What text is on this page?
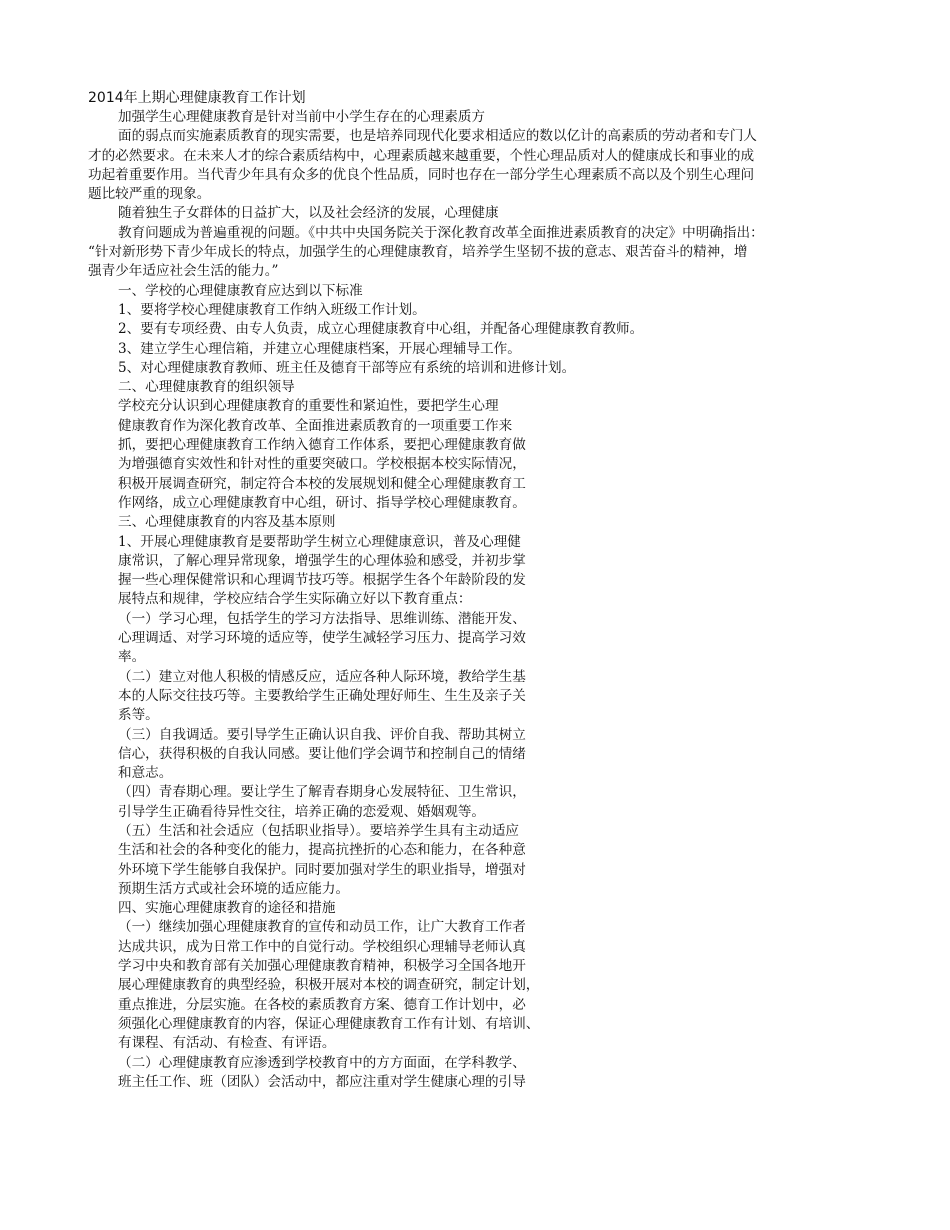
2014年上期心理健康教育工作计划

加强学生心理健康教育是针对当前中小学生存在的心理素质方

面的弱点而实施素质教育的现实需要，也是培养同现代化要求相适应的数以亿计的高素质的劳动者和专门人

才的必然要求。在未来人才的综合素质结构中，心理素质越来越重要，个性心理品质对人的健康成长和事业的成

功起着重要作用。当代青少年具有众多的优良个性品质，同时也存在一部分学生心理素质不高以及个别生心理问

题比较严重的现象。

随着独生子女群体的日益扩大，以及社会经济的发展，心理健康

教育问题成为普遍重视的问题。《中共中央国务院关于深化教育改革全面推进素质教育的决定》中明确指出：

“针对新形势下青少年成长的特点，加强学生的心理健康教育，培养学生坚韧不拔的意志、艰苦奋斗的精神，增

强青少年适应社会生活的能力。”

一、学校的心理健康教育应达到以下标准

1、要将学校心理健康教育工作纳入班级工作计划。

2、要有专项经费、由专人负责，成立心理健康教育中心组，并配备心理健康教育教师。

3、建立学生心理信箱，并建立心理健康档案，开展心理辅导工作。

5、对心理健康教育教师、班主任及德育干部等应有系统的培训和进修计划。

二、心理健康教育的组织领导

学校充分认识到心理健康教育的重要性和紧迫性，要把学生心理

健康教育作为深化教育改革、全面推进素质教育的一项重要工作来

抓，要把心理健康教育工作纳入德育工作体系，要把心理健康教育做

为增强德育实效性和针对性的重要突破口。学校根据本校实际情况，

积极开展调查研究，制定符合本校的发展规划和健全心理健康教育工

作网络，成立心理健康教育中心组，研讨、指导学校心理健康教育。

三、心理健康教育的内容及基本原则

1、开展心理健康教育是要帮助学生树立心理健康意识，普及心理健

康常识，了解心理异常现象，增强学生的心理体验和感受，并初步掌

握一些心理保健常识和心理调节技巧等。根据学生各个年龄阶段的发

展特点和规律，学校应结合学生实际确立好以下教育重点：

（一）学习心理，包括学生的学习方法指导、思维训练、潜能开发、

心理调适、对学习环境的适应等，使学生减轻学习压力、提高学习效

率。

（二）建立对他人积极的情感反应，适应各种人际环境，教给学生基

本的人际交往技巧等。主要教给学生正确处理好师生、生生及亲子关

系等。

（三）自我调适。要引导学生正确认识自我、评价自我、帮助其树立

信心，获得积极的自我认同感。要让他们学会调节和控制自己的情绪

和意志。

（四）青春期心理。要让学生了解青春期身心发展特征、卫生常识，

引导学生正确看待异性交往，培养正确的恋爱观、婚姻观等。

（五）生活和社会适应（包括职业指导）。要培养学生具有主动适应

生活和社会的各种变化的能力，提高抗挫折的心态和能力，在各种意

外环境下学生能够自我保护。同时要加强对学生的职业指导，增强对

预期生活方式或社会环境的适应能力。

四、实施心理健康教育的途径和措施

（一）继续加强心理健康教育的宣传和动员工作，让广大教育工作者

达成共识，成为日常工作中的自觉行动。学校组织心理辅导老师认真

学习中央和教育部有关加强心理健康教育精神，积极学习全国各地开

展心理健康教育的典型经验，积极开展对本校的调查研究，制定计划，

重点推进，分层实施。在各校的素质教育方案、德育工作计划中，必

须强化心理健康教育的内容，保证心理健康教育工作有计划、有培训、

有课程、有活动、有检查、有评语。

（二）心理健康教育应渗透到学校教育中的方方面面，在学科教学、

班主任工作、班（团队）会活动中，都应注重对学生健康心理的引导
